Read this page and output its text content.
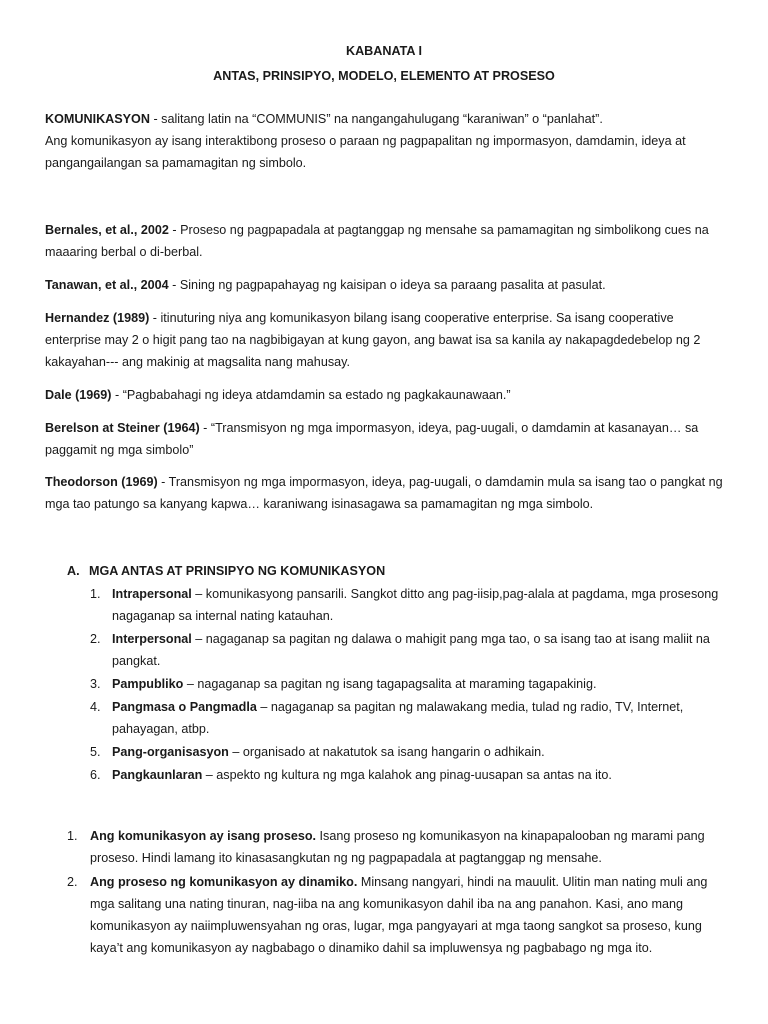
KABANATA I
ANTAS, PRINSIPYO, MODELO, ELEMENTO AT PROSESO

KOMUNIKASYON - salitang latin na “COMMUNIS” na nangangahulugang “karaniwan” o “panlahat”.

Ang komunikasyon ay isang interaktibong proseso o paraan ng pagpapalitan ng impormasyon, damdamin, ideya at pangangailangan sa pamamagitan ng simbolo.

Bernales, et al., 2002 - Proseso ng pagpapadala at pagtanggap ng mensahe sa pamamagitan ng simbolikong cues na maaaring berbal o di-berbal.
Tanawan, et al., 2004 - Sining ng pagpapahayag ng kaisipan o ideya sa paraang pasalita at pasulat.
Hernandez (1989) - itinuturing niya ang komunikasyon bilang isang cooperative enterprise. Sa isang cooperative enterprise may 2 o higit pang tao na nagbibigayan at kung gayon, ang bawat isa sa kanila ay nakapagdedebelop ng 2 kakayahan--- ang makinig at magsalita nang mahusay.
Dale (1969) - “Pagbabahagi ng ideya atdamdamin sa estado ng pagkakaunawaan.”
Berelson at Steiner (1964) - “Transmisyon ng mga impormasyon, ideya, pag-uugali, o damdamin at kasanayan… sa paggamit ng mga simbolo”
Theodorson (1969) - Transmisyon ng mga impormasyon, ideya, pag-uugali, o damdamin mula sa isang tao o pangkat ng mga tao patungo sa kanyang kapwa… karaniwang isinasagawa sa pamamagitan ng mga simbolo.
A. MGA ANTAS AT PRINSIPYO NG KOMUNIKASYON
1. Intrapersonal – komunikasyong pansarili. Sangkot ditto ang pag-iisip,pag-alala at pagdama, mga prosesong nagaganap sa internal nating katauhan.
2. Interpersonal – nagaganap sa pagitan ng dalawa o mahigit pang mga tao, o sa isang tao at isang maliit na pangkat.
3. Pampubliko – nagaganap sa pagitan ng isang tagapagsalita at maraming tagapakinig.
4. Pangmasa o Pangmadla – nagaganap sa pagitan ng malawakang media, tulad ng radio, TV, Internet, pahayagan, atbp.
5. Pang-organisasyon – organisado at nakatutok sa isang hangarin o adhikain.
6. Pangkaunlaran – aspekto ng kultura ng mga kalahok ang pinag-uusapan sa antas na ito.
1. Ang komunikasyon ay isang proseso. Isang proseso ng komunikasyon na kinapapalooban ng marami pang proseso. Hindi lamang ito kinasasangkutan ng ng pagpapadala at pagtanggap ng mensahe.
2. Ang proseso ng komunikasyon ay dinamiko. Minsang nangyari, hindi na mauulit. Ulitin man nating muli ang mga salitang una nating tinuran, nag-iiba na ang komunikasyon dahil iba na ang panahon. Kasi, ano mang komunikasyon ay naiimpluwensyahan ng oras, lugar, mga pangyayari at mga taong sangkot sa proseso, kung kaya’t ang komunikasyon ay nagbabago o dinamiko dahil sa impluwensya ng pagbabago ng mga ito.
